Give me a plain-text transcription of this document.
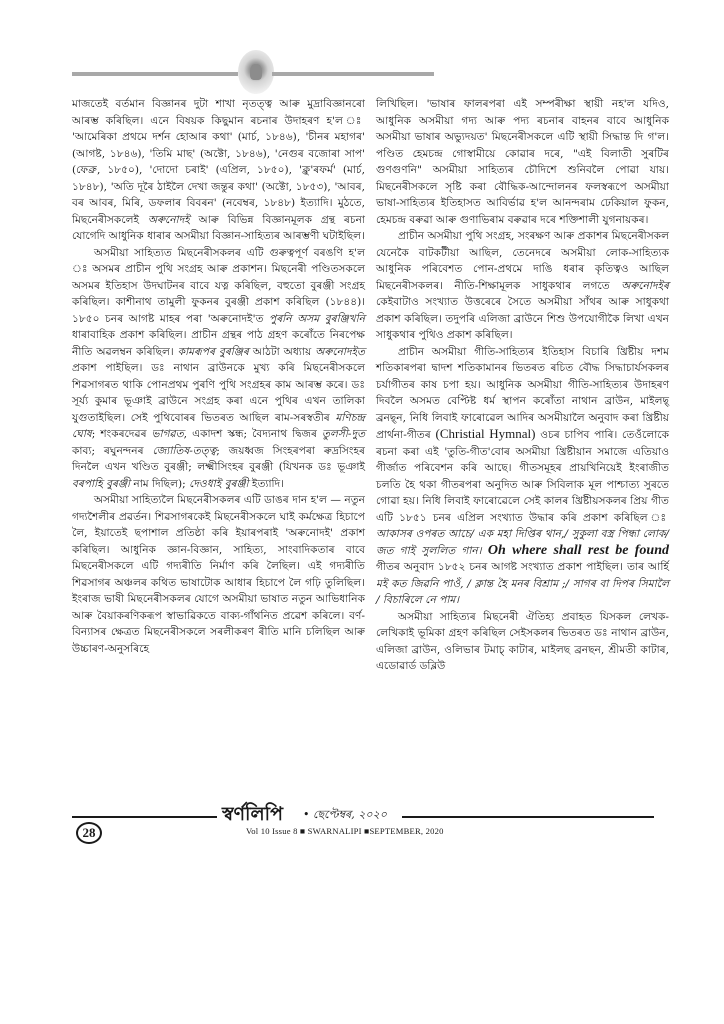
মাজতেই বৰ্তমান বিজ্ঞানৰ দুটা শাখা নৃতত্ত্ব আৰু মুদ্ৰাবিজ্ঞানৰো আৰম্ভ কৰিছিল। এনে বিষয়ক কিছুমান ৰচনাৰ উদাহৰণ হ'ল ঃ 'আমেৰিকা প্ৰথমে দৰ্শন হোআৰ কথা' (মাৰ্চ, ১৮৪৬), 'চীনৰ মহাগৰ' (আগষ্ট, ১৮৪৬), 'তিমি মাছ' (অক্টো, ১৮৪৬), 'নেগুৰ বজোৰা সাপ' (ফেব্ৰু, ১৮৫০), 'দোদো চৰাই' (এপ্ৰিল, ১৮৫০), 'ক্লু'ৰফৰ্ম' (মাৰ্চ, ১৮৪৮), 'অতি দূৰৈ ঠাইলৈ দেখা জন্তুৰ কথা' (অক্টো, ১৮৫৩), 'আবৰ, বৰ আবৰ, মিৰি, ডফলাৰ বিবৰন' (নবেম্বৰ, ১৮৪৮) ইত্যাদি। মুঠতে, মিছনেৰীসকলেই অৰুনোদই আৰু বিভিন্ন বিজ্ঞানমূলক গ্ৰন্থ ৰচনা যোগেদি আধুনিক ধাৰাৰ অসমীয়া বিজ্ঞান-সাহিত্যৰ আৰম্ভণী ঘটাইছিল।

অসমীয়া সাহিত্যত মিছনেৰীসকলৰ এটি গুৰুত্বপূৰ্ণ বৰঙণি হ'ল ঃ অসমৰ প্ৰাচীন পুথি সংগ্ৰহ আৰু প্ৰকাশন। মিছনেৰী পণ্ডিতসকলে অসমৰ ইতিহাস উদঘাটনৰ বাবে যত্ন কৰিছিল, বহুতো বুৰঞ্জী সংগ্ৰহ কৰিছিল। কাশীনাথ তামুলী ফুকনৰ বুৰঞ্জী প্ৰকাশ কৰিছিল (১৮৪৪)। ১৮৫০ চনৰ আগষ্ট মাহৰ পৰা 'অৰুনোদই'ত পুৰনি অসম বুৰঞ্জিখনি ধাৰাবাহিক প্ৰকাশ কৰিছিল। প্ৰাচীন গ্ৰন্থৰ পাঠ গ্ৰহণ কৰোঁতে নিৰপেক্ষ নীতি অৱলম্বন কৰিছিল। কামৰূপৰ বুৰঞ্জিৰ আঠটা অধ্যায় অৰুনোদইত প্ৰকাশ পাইছিল। ডঃ নাথান ব্ৰাউনকে মুখ্য কৰি মিছনেৰীসকলে শিৱসাগৰত থাকি পোনপ্ৰথম পুৰণি পুথি সংগ্ৰহৰ কাম আৰম্ভ কৰে। ডঃ সূৰ্য্য কুমাৰ ভূঞাই ব্ৰাউনে সংগ্ৰহ কৰা এনে পুথিৰ এখন তালিকা যুগুতাইছিল। সেই পুথিবোৰৰ ভিতৰত আছিল ৰাম-সৰস্বতীৰ মণিচন্দ্ৰ ঘোষ; শংকৰদেৱৰ ভাগৱত, একাদশ স্কন্ধ; বৈদ্যনাথ দ্বিজৰ তুলসী-দুত কাব্য; ৰঘুনন্দনৰ জ্যোতিষ-তত্ত্ব; জয়ধ্বজ সিংহৰপৰা ৰুদ্ৰসিংহৰ দিনলৈ এখন খণ্ডিত বুৰঞ্জী; লক্ষ্মীসিংহৰ বুৰঞ্জী (যিখনক ডঃ ভূঞাই বৰপাহি বুৰঞ্জী নাম দিছিল); দেওধাই বুৰঞ্জী ইত্যাদি।

অসমীয়া সাহিত্যলৈ মিছনেৰীসকলৰ এটি ডাঙৰ দান হ'ল — নতুন গদ্যশৈলীৰ প্ৰৱৰ্তন। শিৱসাগৰকেই মিছনেৰীসকলে ঘাই কৰ্মক্ষেত্ৰ হিচাপে লৈ, ইয়াতেই ছপাশাল প্ৰতিষ্ঠা কৰি ইয়াৰপৰাই 'অৰুনোদই' প্ৰকাশ কৰিছিল। আধুনিক জ্ঞান-বিজ্ঞান, সাহিত্য, সাংবাদিকতাৰ বাবে মিছনেৰীসকলে এটি গদ্যৰীতি নিৰ্মাণ কৰি লৈছিল। এই গদ্যৰীতি শিৱসাগৰ অঞ্চলৰ কথিত ভাষাটোক আধাৰ হিচাপে লৈ গঢ়ি তুলিছিল। ইংৰাজ ভাষী মিছনেৰীসকলৰ যোগে অসমীয়া ভাষাত নতুন আভিধানিক আৰু বৈয়াকৰণিকৰূপ স্বাভাৱিকতে বাক্য-গাঁথনিত প্ৰৱেশ কৰিলে। বৰ্ণ-বিন্যাসৰ ক্ষেত্ৰত মিছনেৰীসকলে সৰলীকৰণ ৰীতি মানি চলিছিল আৰু উচ্চাৰণ-অনুসৰিহে

লিখিছিল। 'ভাষাৰ ফালৰপৰা এই সম্পৰীক্ষা স্থায়ী নহ'ল যদিও, আধুনিক অসমীয়া গদ্য আৰু পদ্য ৰচনাৰ বাহনৰ বাবে আধুনিক অসমীয়া ভাষাৰ অভ্যুদয়ত' মিছনেৰীসকলে এটি স্থায়ী সিদ্ধান্ত দি গ'ল। পণ্ডিত হেমচন্দ্ৰ গোস্বামীয়ে কোৱাৰ দৰে, "এই বিলাতী সুৰটিৰ গুণগুণনি" অসমীয়া সাহিত্যৰ চৌদিশে শুনিবলৈ পোৱা যায়। মিছনেৰীসকলে সৃষ্টি কৰা বৌদ্ধিক-আন্দোলনৰ ফলস্বৰূপে অসমীয়া ভাষা-সাহিত্যৰ ইতিহাসত আবিৰ্ভাৱ হ'ল আনন্দৰাম ঢেকিয়াল ফুকন, হেমচন্দ্ৰ বৰুৱা আৰু গুণাভিৰাম বৰুৱাৰ দৰে শক্তিশালী যুগনায়কৰ।

প্ৰাচীন অসমীয়া পুথি সংগ্ৰহ, সংৰক্ষণ আৰু প্ৰকাশৰ মিছনেৰীসকল যেনেকৈ বাটকটীয়া আছিল, তেনেদৰে অসমীয়া লোক-সাহিত্যক আধুনিক পৰিবেশত পোন-প্ৰথমে দাঙি ধৰাৰ কৃতিত্বও আছিল মিছনেৰীসকলৰ। নীতি-শিক্ষামূলক সাধুকথাৰ লগতে অৰুনোদইৰ কেইবাটাও সংখ্যাত উত্তৰেৰে সৈতে অসমীয়া সাঁথৰ আৰু সাধুকথা প্ৰকাশ কৰিছিল। তদুপৰি এলিজা ব্ৰাউনে শিশু উপযোগীকৈ লিখা এখন সাধুকথাৰ পুথিও প্ৰকাশ কৰিছিল।

প্ৰাচীন অসমীয়া গীতি-সাহিত্যৰ ইতিহাস বিচাৰি খ্ৰিষ্টীয় দশম শতিকাৰপৰা দ্বাদশ শতিকামানৰ ভিতৰত ৰচিত বৌদ্ধ সিদ্ধাচাৰ্যসকলৰ চৰ্যাগীতৰ কাষ চপা হয়। আধুনিক অসমীয়া গীতি-সাহিত্যৰ উদাহৰণ দিবলৈ অসমত বেপ্টিষ্ট ধৰ্ম স্থাপন কৰোঁতা নাথান ব্ৰাউন, মাইলছ্ ব্ৰনছ্ন, নিধি লিবাই ফাৰোৱেল আদিৰ অসমীয়ালৈ অনুবাদ কৰা খ্ৰিষ্টীয় প্ৰাৰ্থনা-গীতৰ (Christial Hymnal) ওচৰ চাপিব পাৰি। তেওঁলোকে ৰচনা কৰা এই 'তুতি-গীত'বোৰ অসমীয়া খ্ৰিষ্টীয়ান সমাজে এতিয়াও গীৰ্জাত পৰিবেশন কৰি আছে। গীতসমূহৰ প্ৰায়খিনিয়েই ইংৰাজীত চলতি হৈ থকা গীতৰপৰা অনুদিত আৰু সিবিলাক মূল পাশ্চাত্য সুৰতে গোৱা হয়। নিধি লিবাই ফাৰোৱেলে সেই কালৰ খ্ৰিষ্টীয়সকলৰ প্ৰিয় গীত এটি ১৮৫১ চনৰ এপ্ৰিল সংখ্যাত উদ্ধাৰ কৰি প্ৰকাশ কৰিছিল ঃ আকাসৰ ওপৰত আচে/ এক মহা দিপ্তিৰ থান,/ সুকুলা বস্ত্ৰ পিন্ধা লোক/ জত গাই সুললিত গান। Oh where shall rest be found গীতৰ অনুবাদ ১৮৫২ চনৰ আগষ্ট সংখ্যাত প্ৰকাশ পাইছিল। তাৰ আৰ্হি মই কত জিৱনি পাওঁ, / ক্লান্ত হৈ মনৰ বিশ্ৰাম ;/ সাগৰ বা দিপৰ সিমালৈ / বিচাৰিলে নে পাম।

অসমীয়া সাহিত্যৰ মিছনেৰী ঐতিহ্য প্ৰবাহত যিসকল লেখক-লেখিকাই ভূমিকা গ্ৰহণ কৰিছিল সেইসকলৰ ভিতৰত ডঃ নাথান ব্ৰাউন, এলিজা ব্ৰাউন, ওলিভাৰ টমাচ্ কাটাৰ, মাইলছ ব্ৰনছন, শ্ৰীমতী কাটাৰ, এডোৱাৰ্ড ডব্লিউ

স্বৰ্ণলিপি • ছেপ্টেম্বৰ, ২০২০
28	Vol 10 Issue 8 ■ SWARNALIPI ■SEPTEMBER, 2020
